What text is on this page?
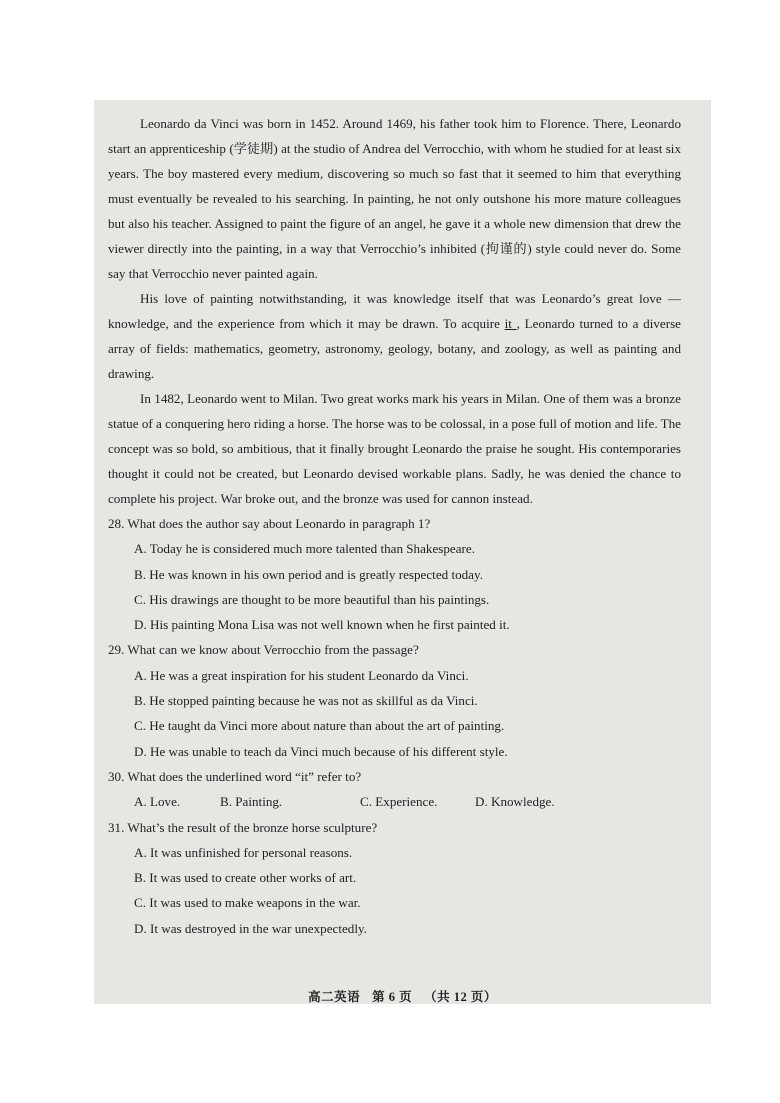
Leonardo da Vinci was born in 1452. Around 1469, his father took him to Florence. There, Leonardo start an apprenticeship (学徒期) at the studio of Andrea del Verrocchio, with whom he studied for at least six years. The boy mastered every medium, discovering so much so fast that it seemed to him that everything must eventually be revealed to his searching. In painting, he not only outshone his more mature colleagues but also his teacher. Assigned to paint the figure of an angel, he gave it a whole new dimension that drew the viewer directly into the painting, in a way that Verrocchio’s inhibited (拘谨的) style could never do. Some say that Verrocchio never painted again.

His love of painting notwithstanding, it was knowledge itself that was Leonardo’s great love — knowledge, and the experience from which it may be drawn. To acquire it , Leonardo turned to a diverse array of fields: mathematics, geometry, astronomy, geology, botany, and zoology, as well as painting and drawing.

In 1482, Leonardo went to Milan. Two great works mark his years in Milan. One of them was a bronze statue of a conquering hero riding a horse. The horse was to be colossal, in a pose full of motion and life. The concept was so bold, so ambitious, that it finally brought Leonardo the praise he sought. His contemporaries thought it could not be created, but Leonardo devised workable plans. Sadly, he was denied the chance to complete his project. War broke out, and the bronze was used for cannon instead.

28. What does the author say about Leonardo in paragraph 1?

A. Today he is considered much more talented than Shakespeare.

B. He was known in his own period and is greatly respected today.

C. His drawings are thought to be more beautiful than his paintings.

D. His painting Mona Lisa was not well known when he first painted it.

29. What can we know about Verrocchio from the passage?

A. He was a great inspiration for his student Leonardo da Vinci.

B. He stopped painting because he was not as skillful as da Vinci.

C. He taught da Vinci more about nature than about the art of painting.

D. He was unable to teach da Vinci much because of his different style.

30. What does the underlined word “it” refer to?

A. Love.	B. Painting.	C. Experience.	D. Knowledge.

31. What’s the result of the bronze horse sculpture?

A. It was unfinished for personal reasons.

B. It was used to create other works of art.

C. It was used to make weapons in the war.

D. It was destroyed in the war unexpectedly.

高二英语 第 6 页 （共 12 页）
